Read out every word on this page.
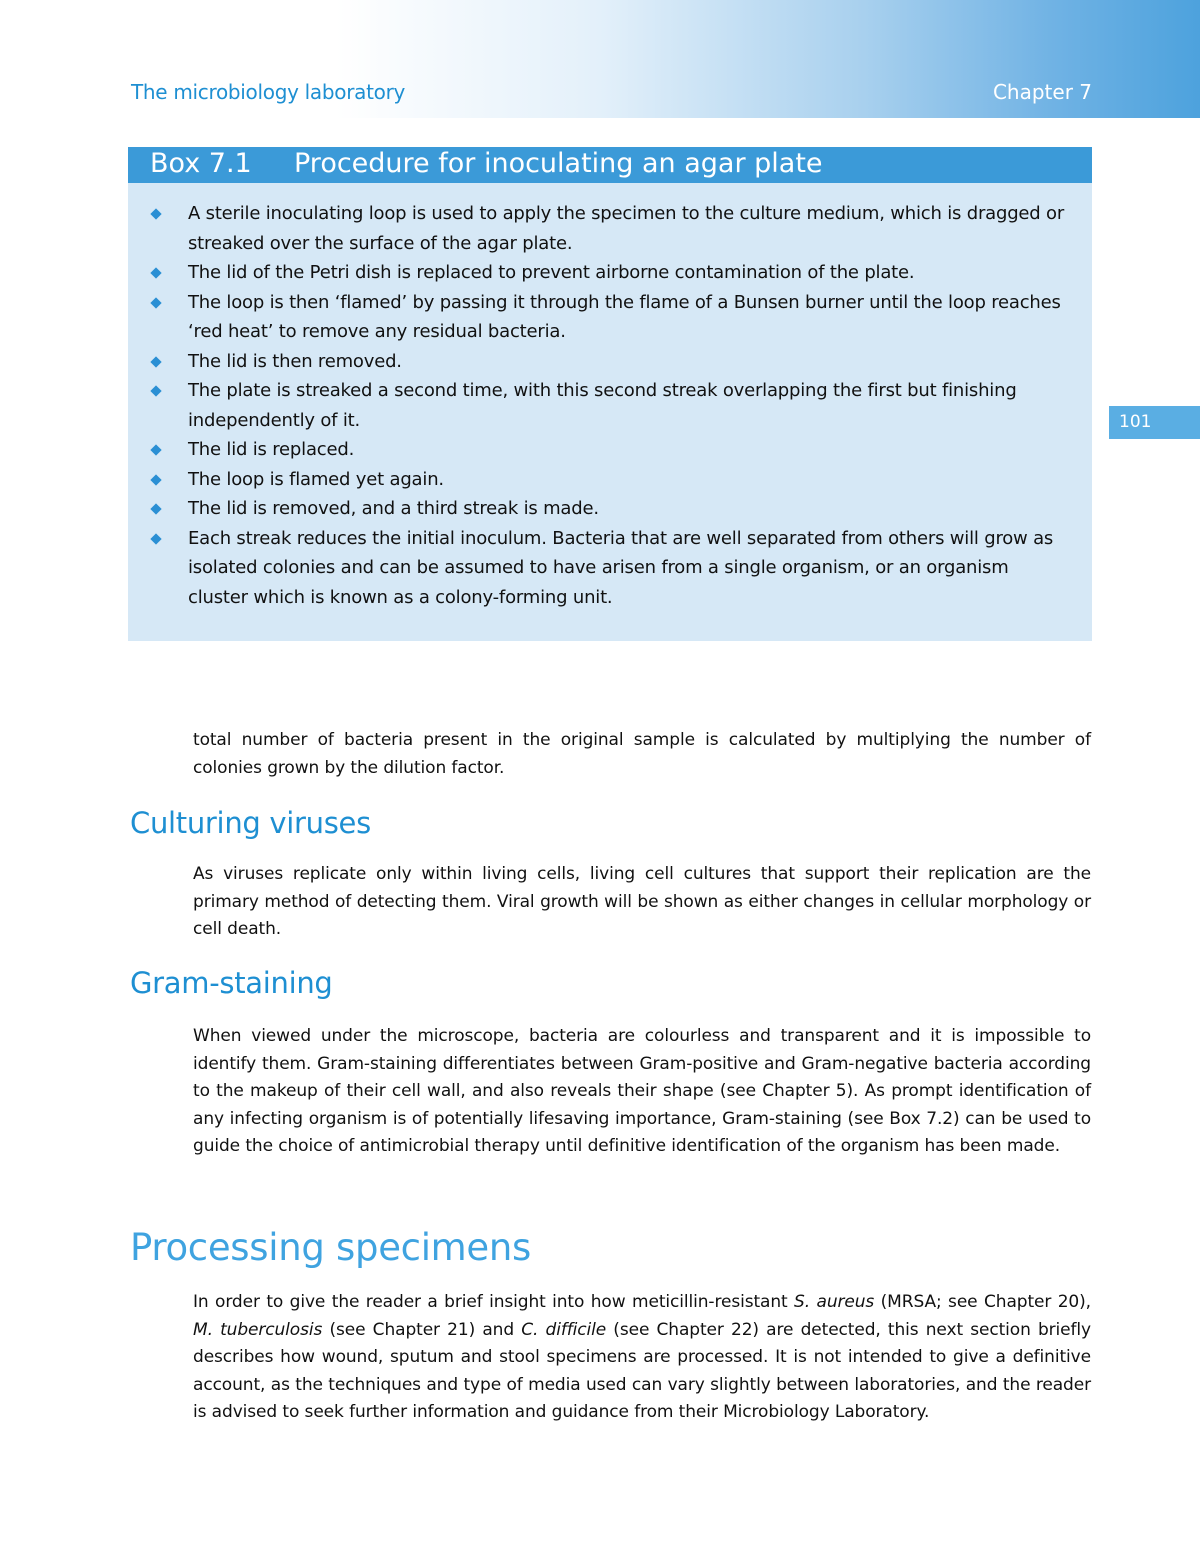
The microbiology laboratory	Chapter 7
101
Box 7.1 Procedure for inoculating an agar plate
A sterile inoculating loop is used to apply the specimen to the culture medium, which is dragged or streaked over the surface of the agar plate.
The lid of the Petri dish is replaced to prevent airborne contamination of the plate.
The loop is then ‘flamed’ by passing it through the flame of a Bunsen burner until the loop reaches ‘red heat’ to remove any residual bacteria.
The lid is then removed.
The plate is streaked a second time, with this second streak overlapping the first but finishing independently of it.
The lid is replaced.
The loop is flamed yet again.
The lid is removed, and a third streak is made.
Each streak reduces the initial inoculum. Bacteria that are well separated from others will grow as isolated colonies and can be assumed to have arisen from a single organism, or an organism cluster which is known as a colony-forming unit.

total number of bacteria present in the original sample is calculated by multiplying the number of colonies grown by the dilution factor.

Culturing viruses

As viruses replicate only within living cells, living cell cultures that support their replication are the primary method of detecting them. Viral growth will be shown as either changes in cellular morphology or cell death.

Gram-staining

When viewed under the microscope, bacteria are colourless and transparent and it is impossible to identify them. Gram-staining differentiates between Gram-positive and Gram-negative bacteria according to the makeup of their cell wall, and also reveals their shape (see Chapter 5). As prompt identification of any infecting organism is of potentially lifesaving importance, Gram-staining (see Box 7.2) can be used to guide the choice of antimicrobial therapy until definitive identification of the organism has been made.

Processing specimens

In order to give the reader a brief insight into how meticillin-resistant S. aureus (MRSA; see Chapter 20), M. tuberculosis (see Chapter 21) and C. difficile (see Chapter 22) are detected, this next section briefly describes how wound, sputum and stool specimens are processed. It is not intended to give a definitive account, as the techniques and type of media used can vary slightly between laboratories, and the reader is advised to seek further information and guidance from their Microbiology Laboratory.
